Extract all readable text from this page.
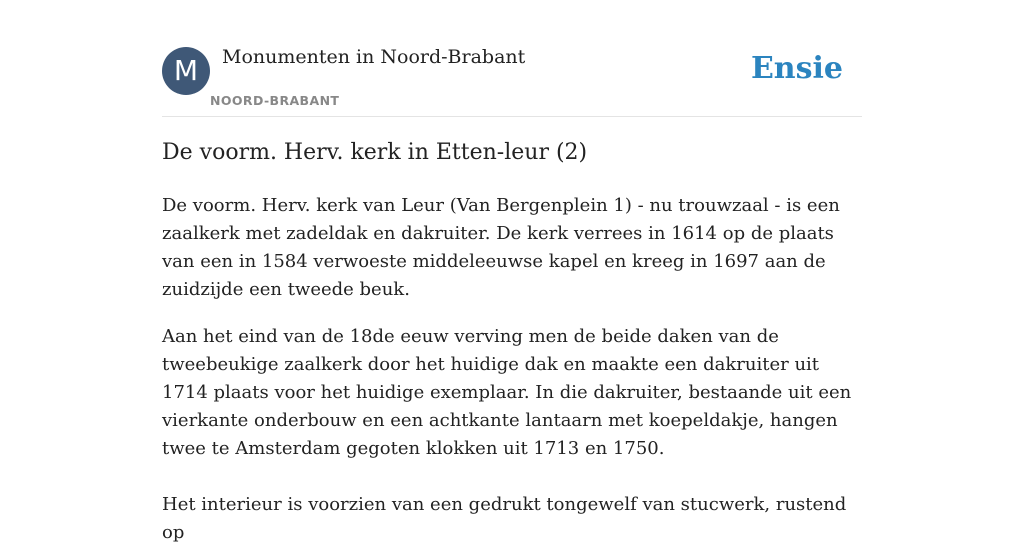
M	Monumenten in Noord-Brabant
NOORD-BRABANT
Ensie
De voorm. Herv. kerk in Etten-leur (2)

De voorm. Herv. kerk van Leur (Van Bergenplein 1) - nu trouwzaal - is een zaalkerk met zadeldak en dakruiter. De kerk verrees in 1614 op de plaats van een in 1584 verwoeste middeleeuwse kapel en kreeg in 1697 aan de zuidzijde een tweede beuk.

Aan het eind van de 18de eeuw verving men de beide daken van de tweebeukige zaalkerk door het huidige dak en maakte een dakruiter uit 1714 plaats voor het huidige exemplaar. In die dakruiter, bestaande uit een vierkante onderbouw en een achtkante lantaarn met koepeldakje, hangen twee te Amsterdam gegoten klokken uit 1713 en 1750.

Het interieur is voorzien van een gedrukt tongewelf van stucwerk, rustend op
